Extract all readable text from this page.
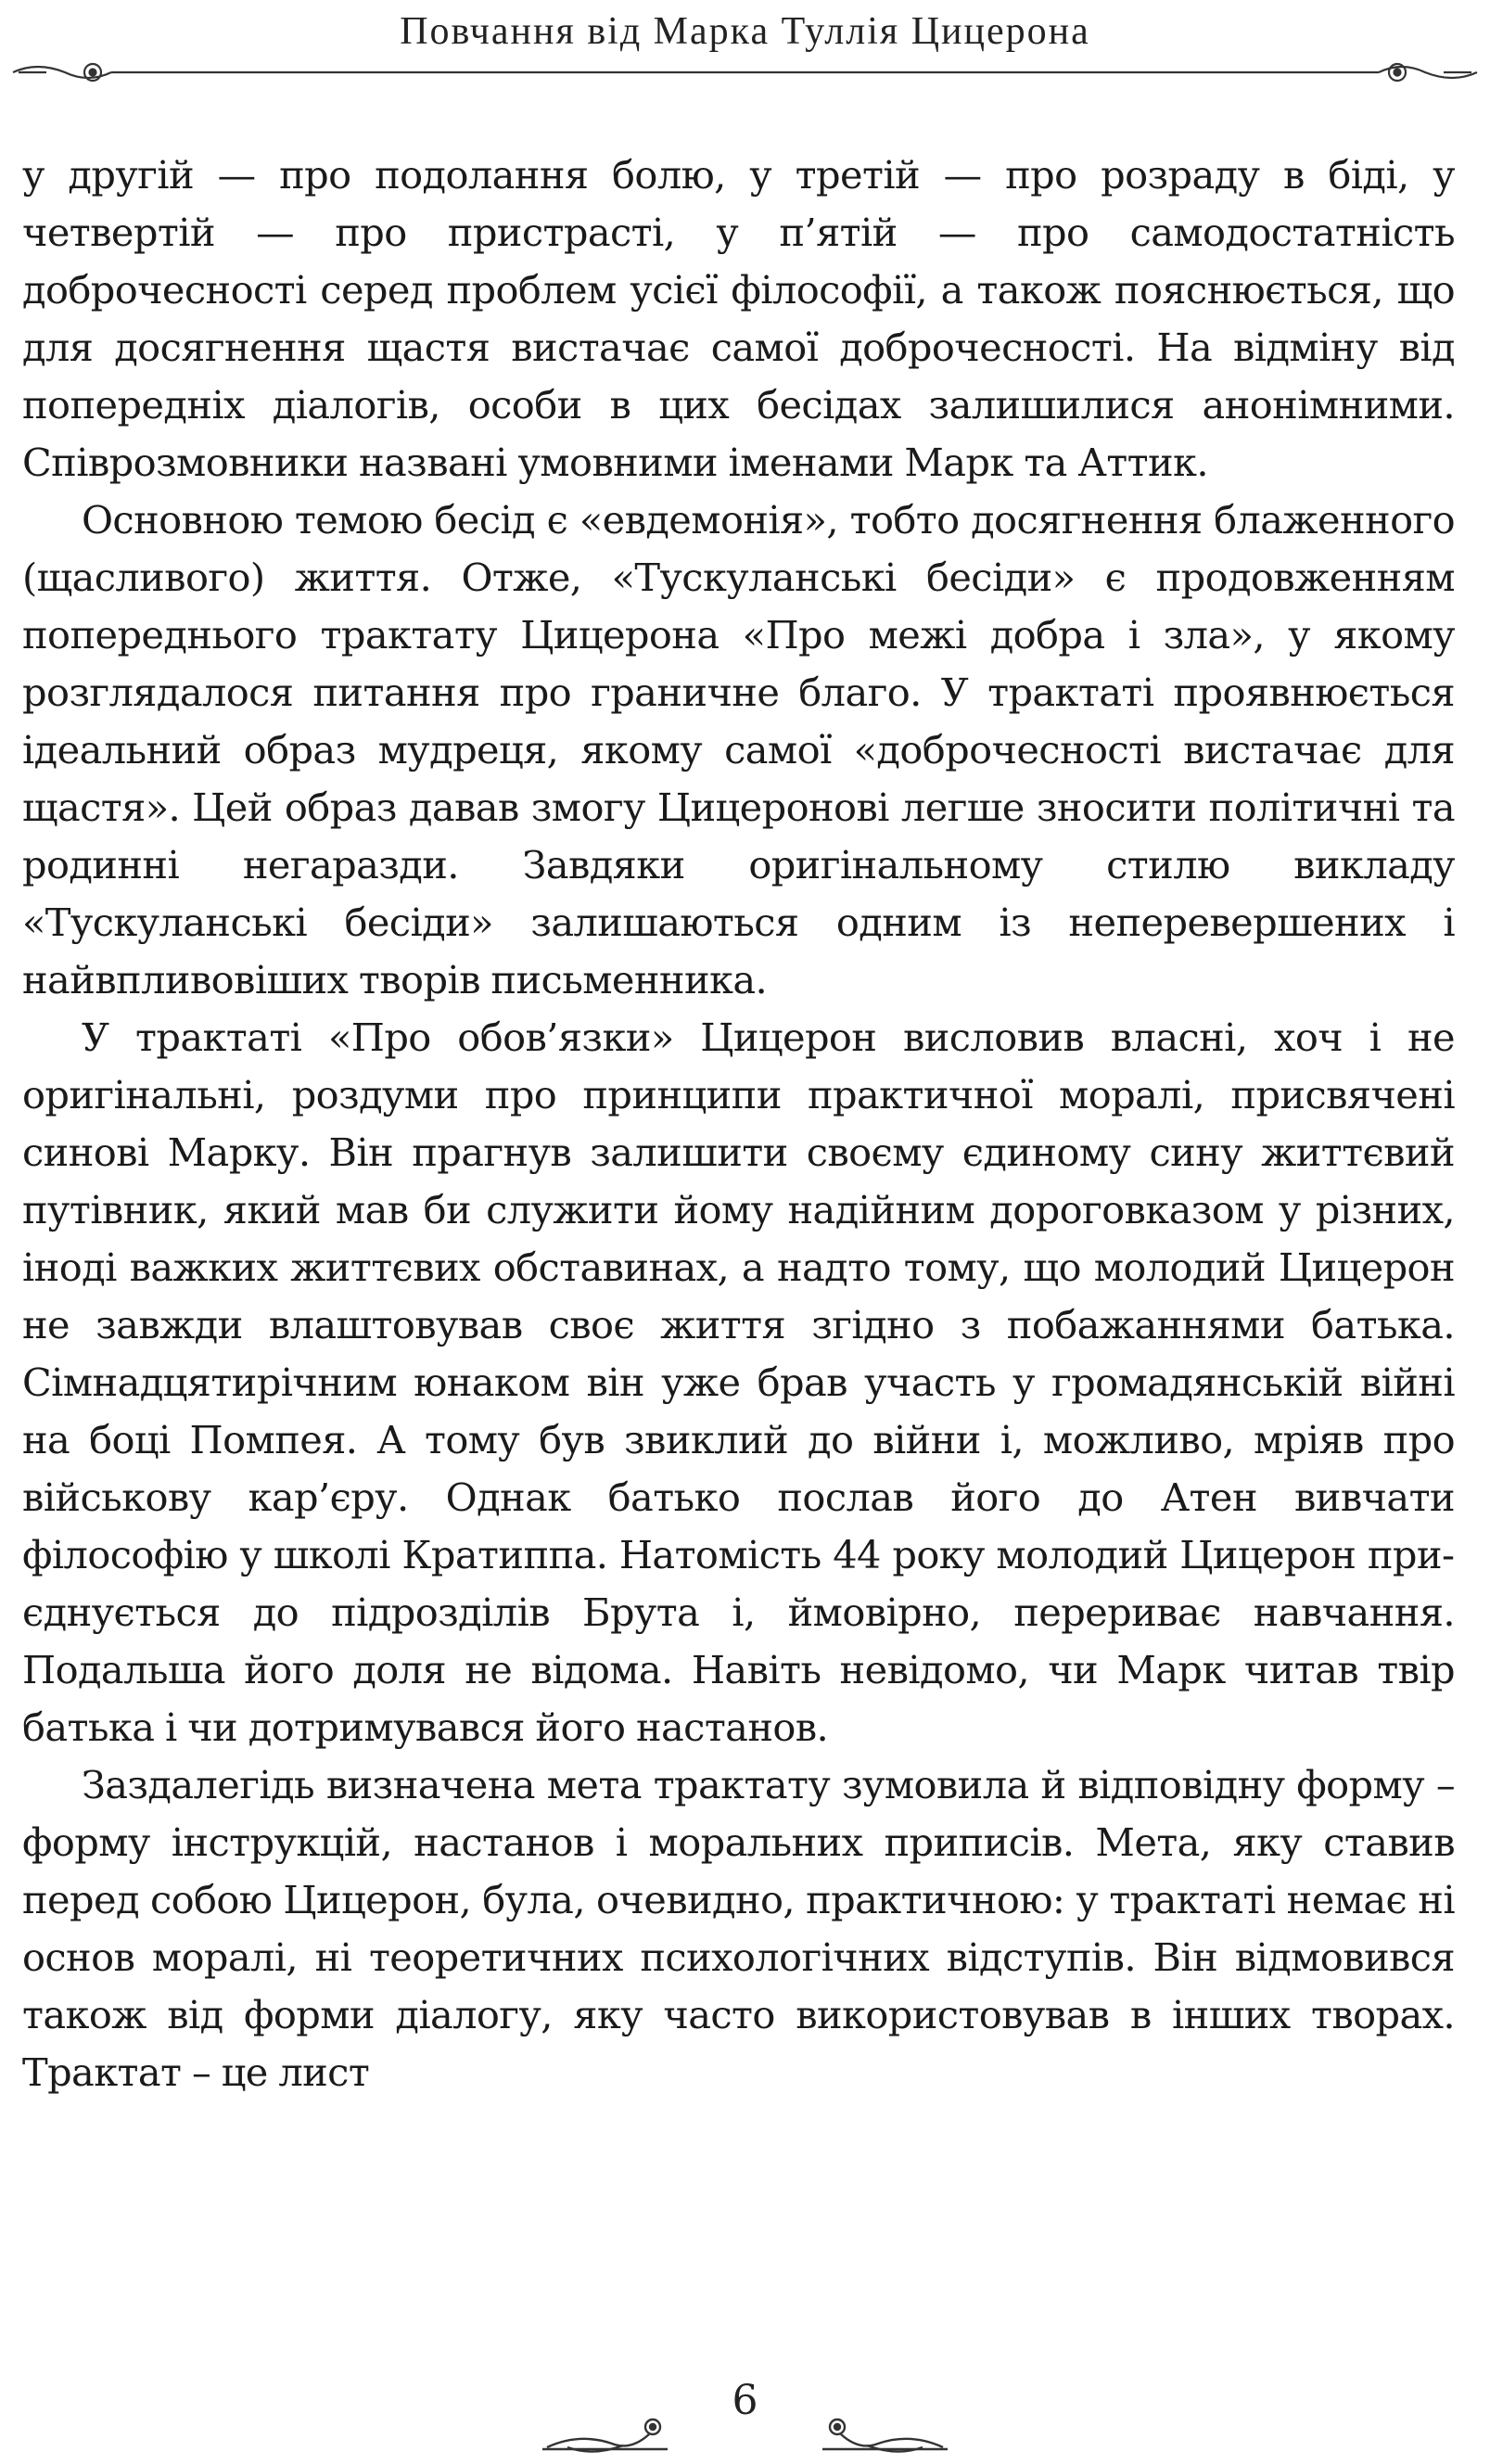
Повчання від Марка Туллія Цицерона

у другій — про подолання болю, у третій — про розраду в біді, у четвертій — про пристрасті, у п’ятій — про самодостатність доброчесності серед проблем усієї філософії, а також пояснюється, що для досягнення щастя вистачає самої доброчесності. На відміну від попередніх діалогів, особи в цих бесідах залишилися анонімними. Співрозмовники названі умовними іменами Марк та Аттик.

Основною темою бесід є «евдемонія», тобто досягнення блаженного (щасливого) життя. Отже, «Тускуланські бесіди» є продовженням попереднього трактату Цицерона «Про межі добра і зла», у якому розглядалося питання про граничне благо. У трактаті проявнюється ідеальний образ мудреця, якому самої «доброчесності вистачає для щастя». Цей образ давав змогу Цицеронові легше зносити політичні та родинні негаразди. Завдяки оригінальному стилю викладу «Тускуланські бесіди» залишаються одним із неперевершених і найвпливовіших творів письменника.

У трактаті «Про обов’язки» Цицерон висловив власні, хоч і не оригінальні, роздуми про принципи практичної моралі, присвячені синові Марку. Він прагнув залишити своєму єдиному сину життєвий путівник, який мав би служити йому надійним дороговказом у різних, іноді важких життєвих обставинах, а надто тому, що молодий Цицерон не завжди влаштовував своє життя згідно з побажаннями батька. Сімнадцятирічним юнаком він уже брав участь у громадянській війні на боці Помпея. А тому був звиклий до війни і, можливо, мріяв про військову кар’єру. Однак батько послав його до Атен вивчати філософію у школі Кратиппа. Натомість 44 року молодий Цицерон приєднується до підрозділів Брута і, ймовірно, перериває навчання. Подальша його доля не відома. Навіть невідомо, чи Марк читав твір батька і чи дотримувався його настанов.

Заздалегідь визначена мета трактату зумовила й відповідну форму – форму інструкцій, настанов і моральних приписів. Мета, яку ставив перед собою Цицерон, була, очевидно, практичною: у трактаті немає ні основ моралі, ні теоретичних психологічних відступів. Він відмовився також від форми діалогу, яку часто використовував в інших творах. Трактат – це лист

6
